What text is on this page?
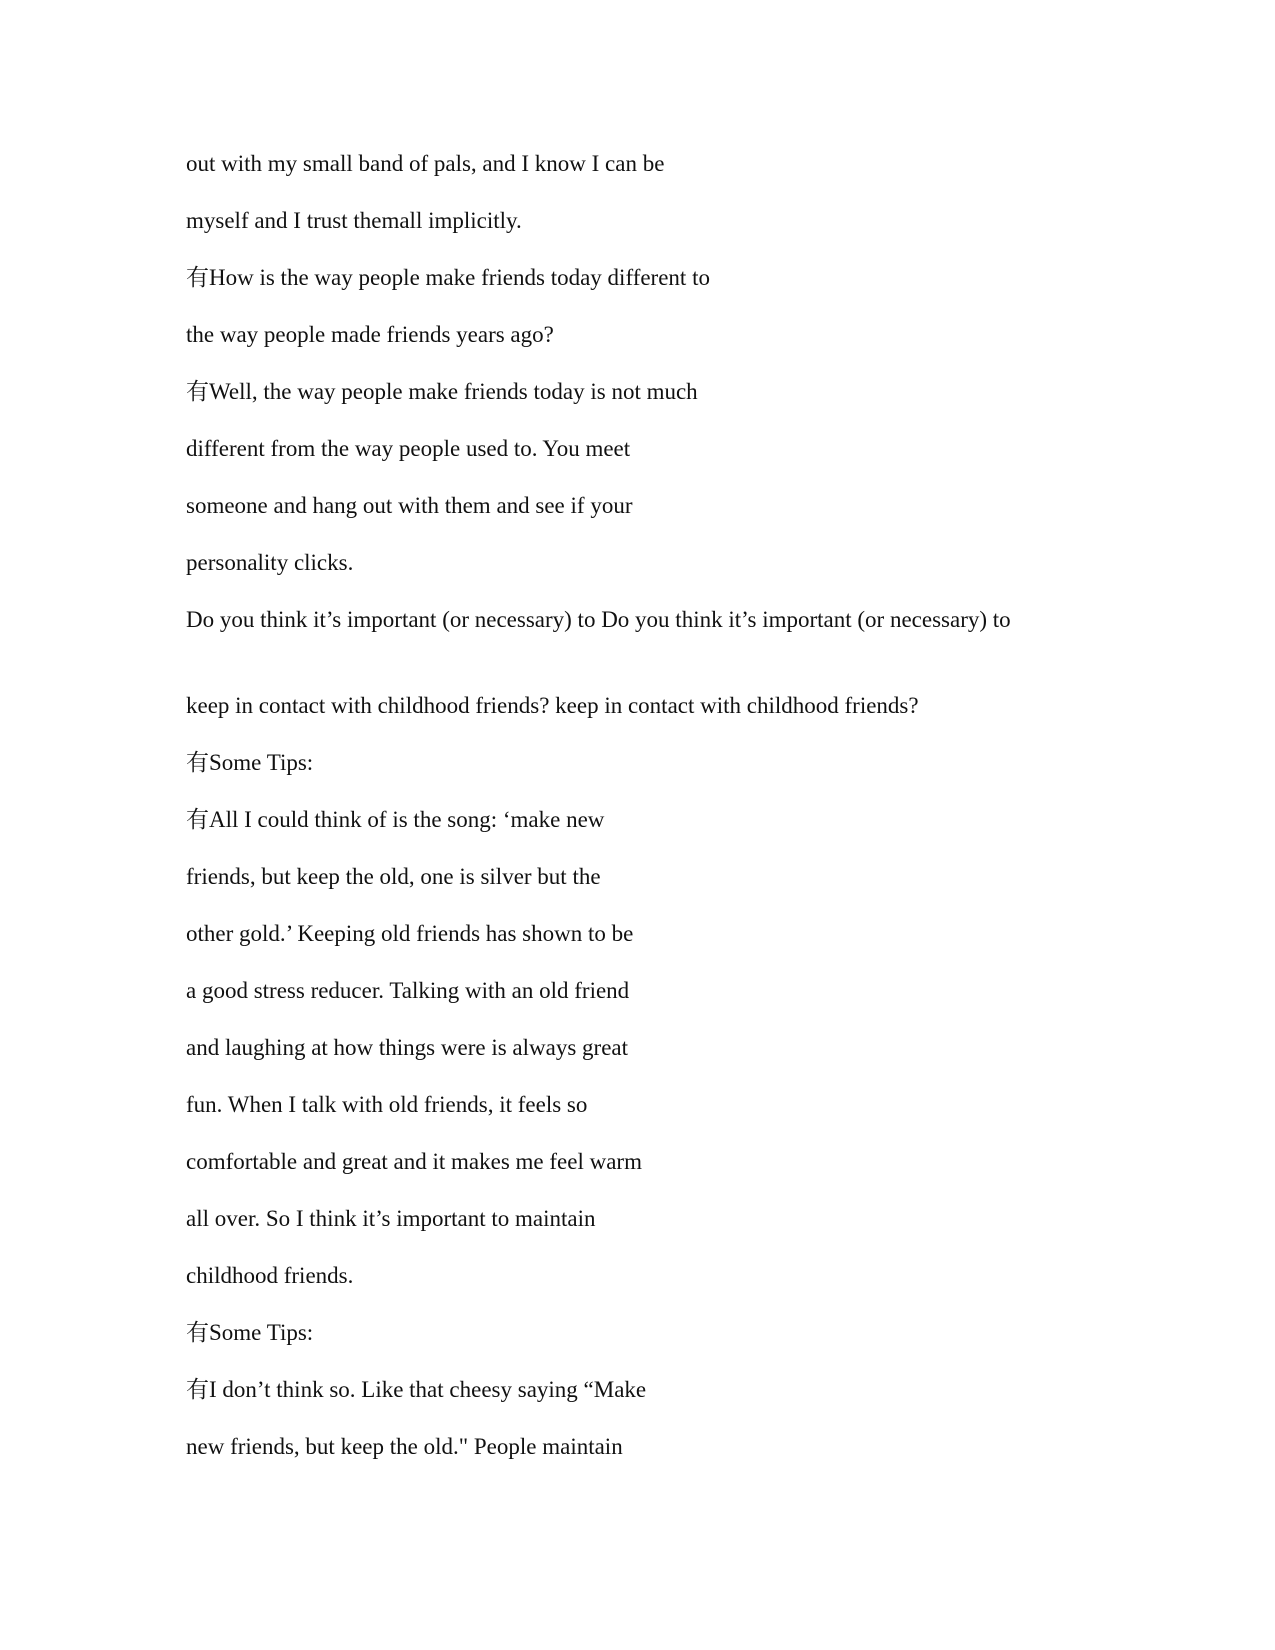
out with my small band of pals, and I know I can be
myself and I trust themall implicitly.
有How is the way people make friends today different to
the way people made friends years ago?
有Well, the way people make friends today is not much
different from the way people used to. You meet
someone and hang out with them and see if your
personality clicks.
Do you think it’s important (or necessary) to Do you think it’s important (or necessary) to
keep in contact with childhood friends? keep in contact with childhood friends?
有Some Tips:
有All I could think of is the song: ‘make new
friends, but keep the old, one is silver but the
other gold.’ Keeping old friends has shown to be
a good stress reducer. Talking with an old friend
and laughing at how things were is always great
fun. When I talk with old friends, it feels so
comfortable and great and it makes me feel warm
all over. So I think it’s important to maintain
childhood friends.
有Some Tips:
有I don’t think so. Like that cheesy saying “Make
new friends, but keep the old." People maintain
